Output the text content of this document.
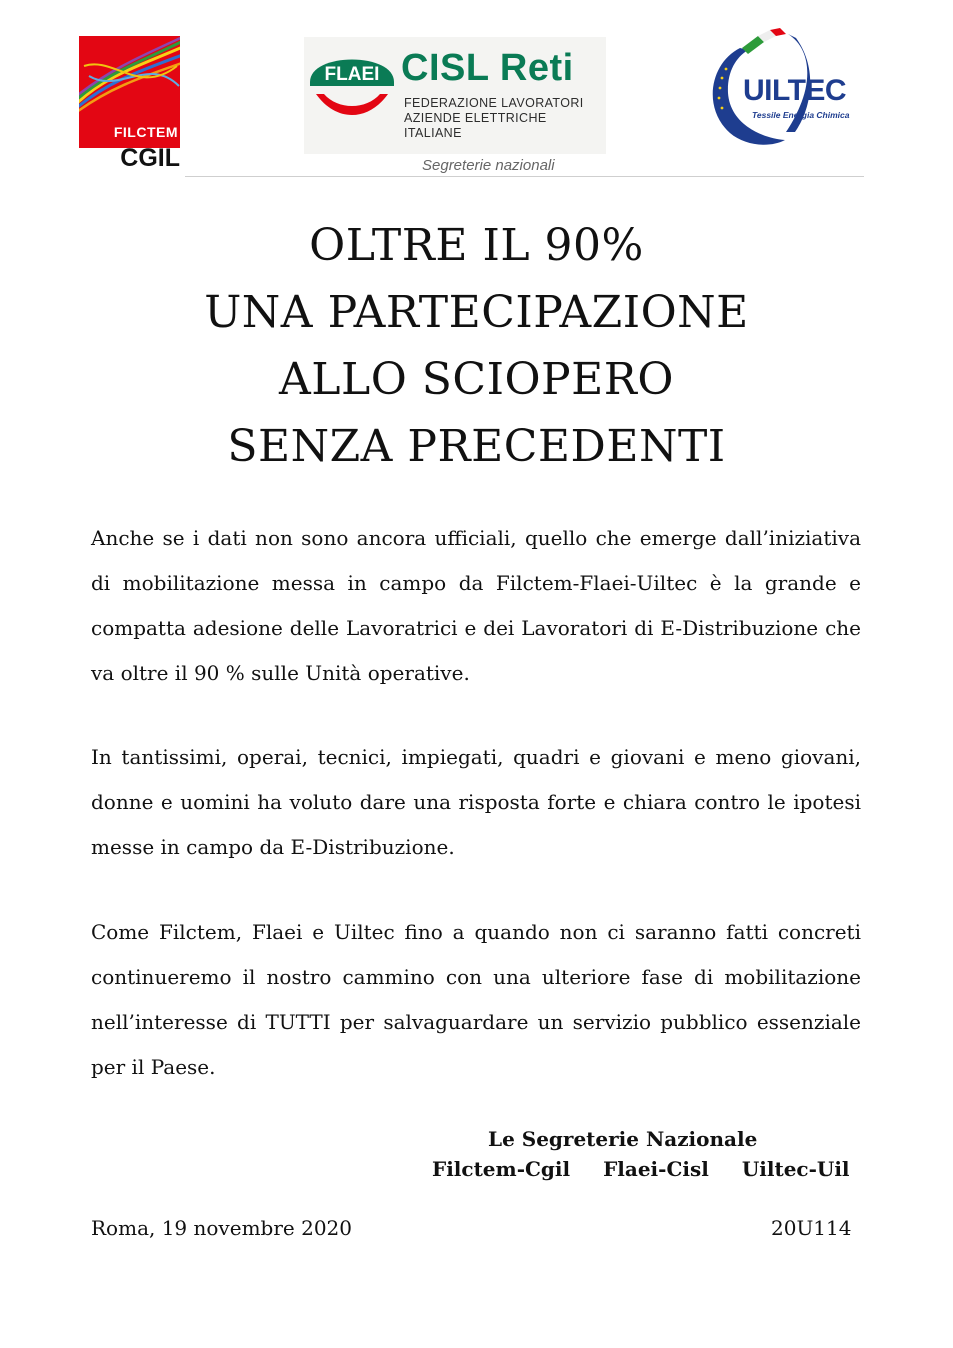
FILCTEM
CGIL
FLAEI CISL Reti
FEDERAZIONE LAVORATORI
AZIENDE ELETTRICHE ITALIANE
Segreterie nazionali
UILTEC
Tessile Energia Chimica
OLTRE IL 90%
UNA PARTECIPAZIONE
ALLO SCIOPERO
SENZA PRECEDENTI
Anche se i dati non sono ancora ufficiali, quello che emerge dall’iniziativa di mobilitazione messa in campo da Filctem-Flaei-Uiltec è la grande e compatta adesione delle Lavoratrici e dei Lavoratori di E-Distribuzione che va oltre il 90 % sulle Unità operative.
In tantissimi, operai, tecnici, impiegati, quadri e giovani e meno giovani, donne e uomini ha voluto dare una risposta forte e chiara contro le ipotesi messe in campo da E-Distribuzione.
Come Filctem, Flaei e Uiltec fino a quando non ci saranno fatti concreti continueremo il nostro cammino con una ulteriore fase di mobilitazione nell’interesse di TUTTI per salvaguardare un servizio pubblico essenziale per il Paese.
Le Segreterie Nazionale
Filctem-Cgil Flaei-Cisl Uiltec-Uil
Roma, 19 novembre 2020	20U114
